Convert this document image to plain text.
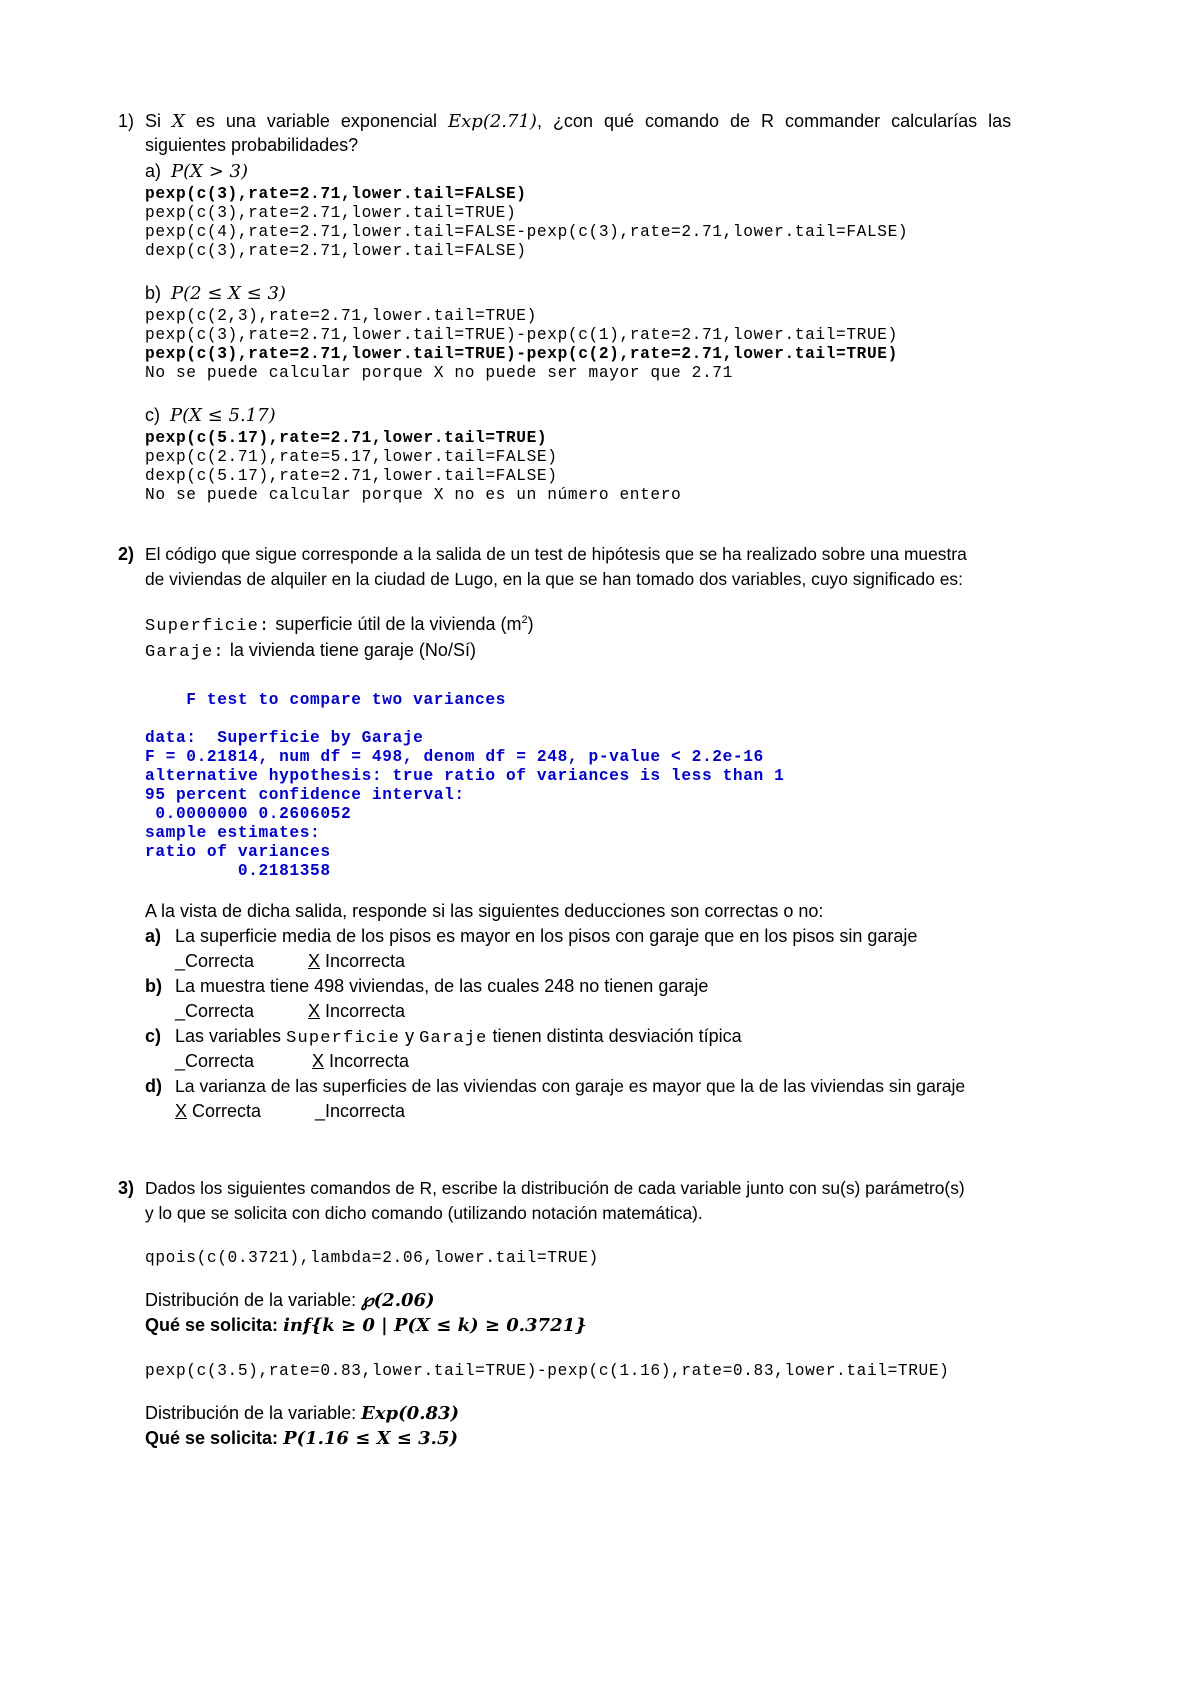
1) Si X es una variable exponencial Exp(2.71), ¿con qué comando de R commander calcularías las
siguientes probabilidades?
a) P(X > 3)
pexp(c(3),rate=2.71,lower.tail=FALSE)
pexp(c(3),rate=2.71,lower.tail=TRUE)
pexp(c(4),rate=2.71,lower.tail=FALSE-pexp(c(3),rate=2.71,lower.tail=FALSE)
dexp(c(3),rate=2.71,lower.tail=FALSE)
b) P(2 ≤ X ≤ 3)
pexp(c(2,3),rate=2.71,lower.tail=TRUE)
pexp(c(3),rate=2.71,lower.tail=TRUE)-pexp(c(1),rate=2.71,lower.tail=TRUE)
pexp(c(3),rate=2.71,lower.tail=TRUE)-pexp(c(2),rate=2.71,lower.tail=TRUE)
No se puede calcular porque X no puede ser mayor que 2.71
c) P(X ≤ 5.17)
pexp(c(5.17),rate=2.71,lower.tail=TRUE)
pexp(c(2.71),rate=5.17,lower.tail=FALSE)
dexp(c(5.17),rate=2.71,lower.tail=FALSE)
No se puede calcular porque X no es un número entero
2) El código que sigue corresponde a la salida de un test de hipótesis que se ha realizado sobre una muestra
de viviendas de alquiler en la ciudad de Lugo, en la que se han tomado dos variables, cuyo significado es:
Superficie: superficie útil de la vivienda $(m^2)$
Garaje: la vivienda tiene garaje (No/Sí)
F test to compare two variances
data:  Superficie by Garaje
F = 0.21814, num df = 498, denom df = 248, p-value < 2.2e-16
alternative hypothesis: true ratio of variances is less than 1
95 percent confidence interval:
0.0000000 0.2606052
sample estimates:
ratio of variances
0.2181358
A la vista de dicha salida, responde si las siguientes deducciones son correctas o no:
a) La superficie media de los pisos es mayor en los pisos con garaje que en los pisos sin garaje
_Correcta	X Incorrecta
b) La muestra tiene 498 viviendas, de las cuales 248 no tienen garaje
_Correcta	X Incorrecta
c) Las variables Superficie y Garaje tienen distinta desviación típica
_Correcta	X Incorrecta
d) La varianza de las superficies de las viviendas con garaje es mayor que la de las viviendas sin garaje
X Correcta	_Incorrecta
3) Dados los siguientes comandos de R, escribe la distribución de cada variable junto con su(s) parámetro(s)
y lo que se solicita con dicho comando (utilizando notación matemática).
qpois(c(0.3721),lambda=2.06,lower.tail=TRUE)
Distribución de la variable: ℘(2.06)
Qué se solicita: inf{k ≥ 0 | P(X ≤ k) ≥ 0.3721}
pexp(c(3.5),rate=0.83,lower.tail=TRUE)-pexp(c(1.16),rate=0.83,lower.tail=TRUE)
Distribución de la variable: Exp(0.83)
Qué se solicita: P(1.16 ≤ X ≤ 3.5)
